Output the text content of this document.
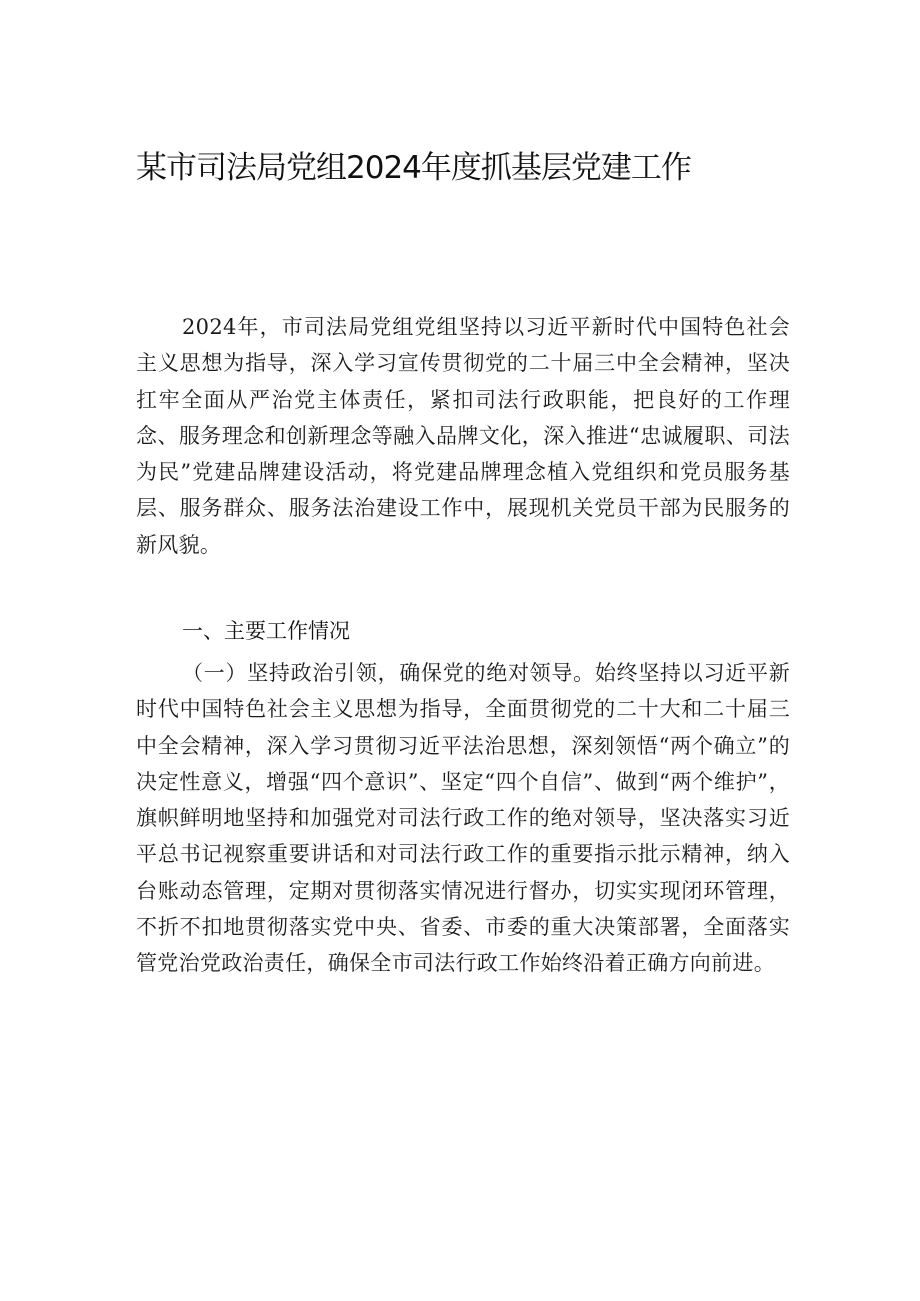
某市司法局党组2024年度抓基层党建工作

2024年，市司法局党组党组坚持以习近平新时代中国特色社会主义思想为指导，深入学习宣传贯彻党的二十届三中全会精神，坚决扛牢全面从严治党主体责任，紧扣司法行政职能，把良好的工作理念、服务理念和创新理念等融入品牌文化，深入推进“忠诚履职、司法为民”党建品牌建设活动，将党建品牌理念植入党组织和党员服务基层、服务群众、服务法治建设工作中，展现机关党员干部为民服务的新风貌。

一、主要工作情况

（一）坚持政治引领，确保党的绝对领导。始终坚持以习近平新时代中国特色社会主义思想为指导，全面贯彻党的二十大和二十届三中全会精神，深入学习贯彻习近平法治思想，深刻领悟“两个确立”的决定性意义，增强“四个意识”、坚定“四个自信”、做到“两个维护”，旗帜鲜明地坚持和加强党对司法行政工作的绝对领导，坚决落实习近平总书记视察重要讲话和对司法行政工作的重要指示批示精神，纳入台账动态管理，定期对贯彻落实情况进行督办，切实实现闭环管理，不折不扣地贯彻落实党中央、省委、市委的重大决策部署，全面落实管党治党政治责任，确保全市司法行政工作始终沿着正确方向前进。
